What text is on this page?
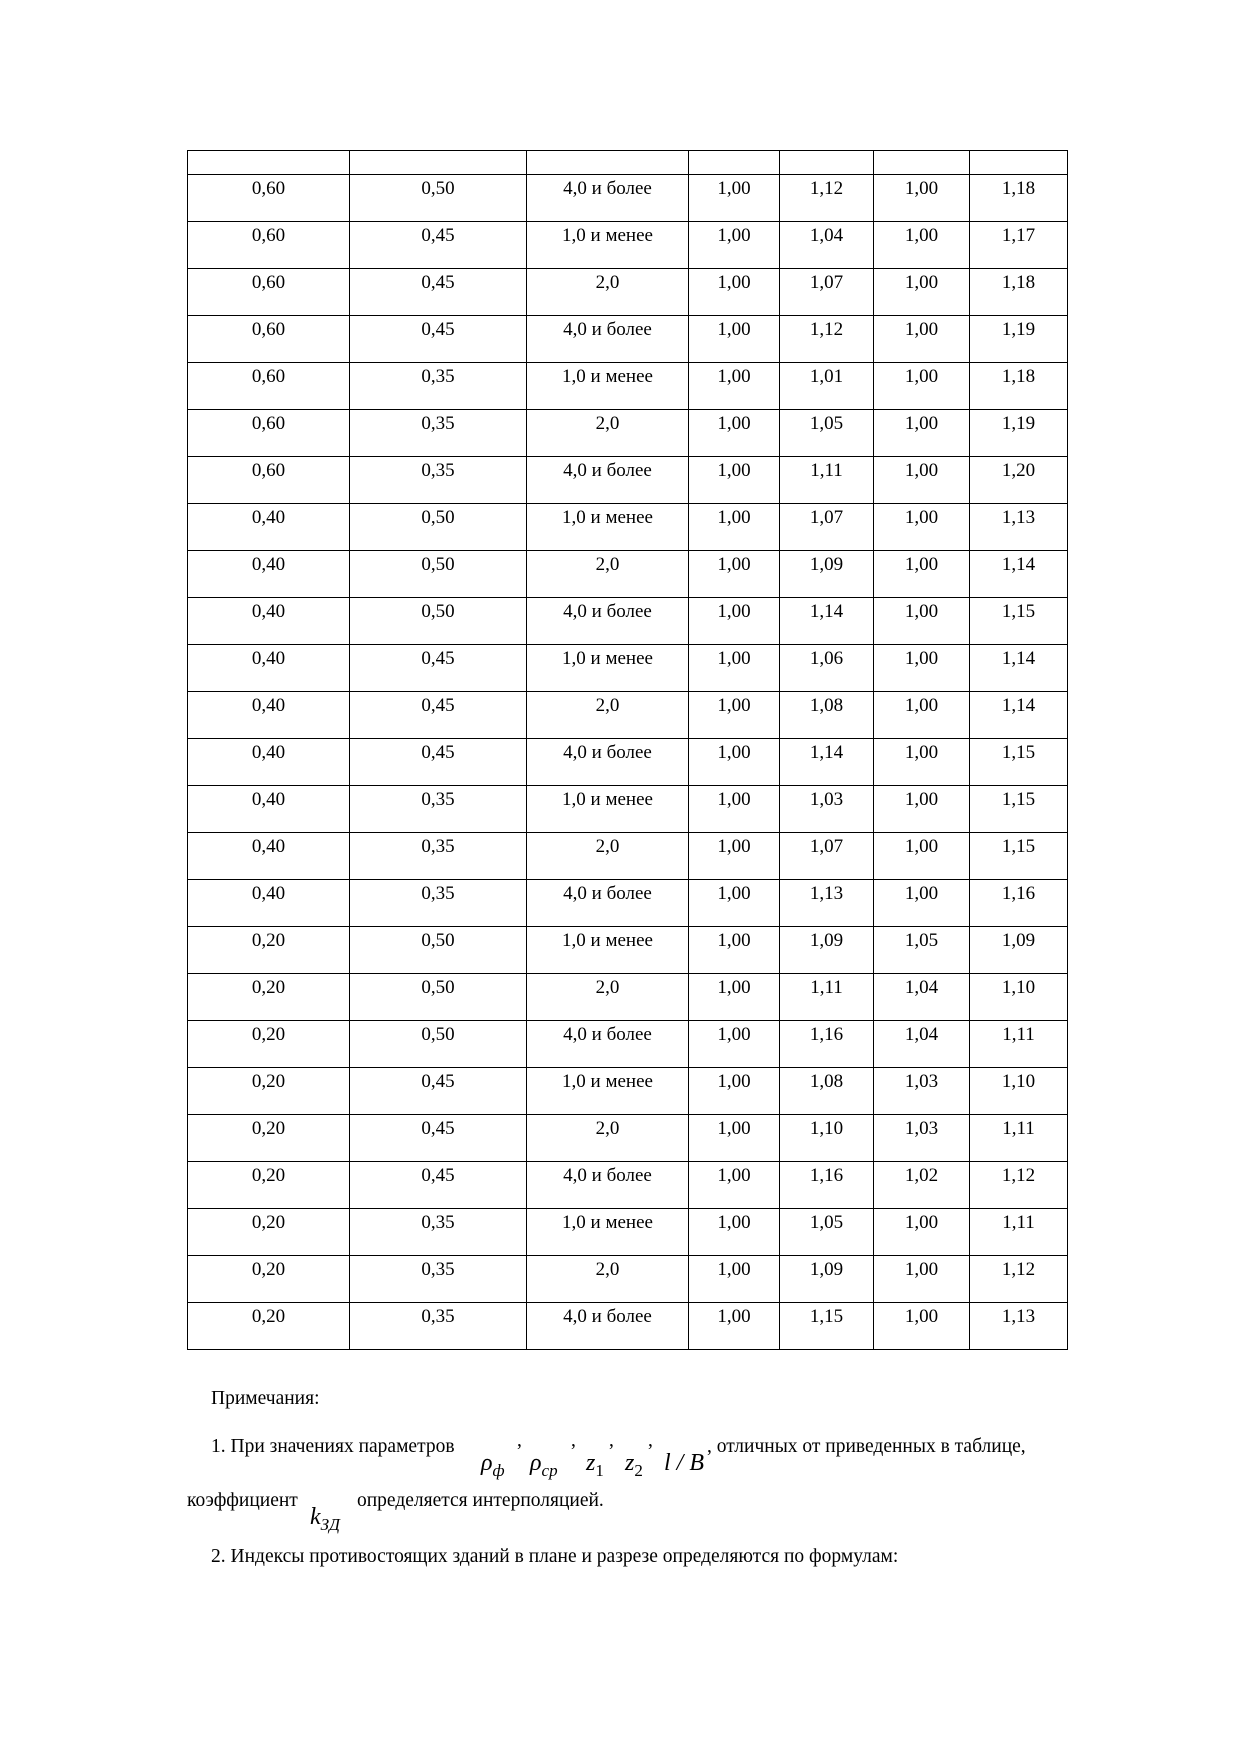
0,60	0,50	4,0 и более	1,00	1,12	1,00	1,18
0,60	0,45	1,0 и менее	1,00	1,04	1,00	1,17
0,60	0,45	2,0	1,00	1,07	1,00	1,18
0,60	0,45	4,0 и более	1,00	1,12	1,00	1,19
0,60	0,35	1,0 и менее	1,00	1,01	1,00	1,18
0,60	0,35	2,0	1,00	1,05	1,00	1,19
0,60	0,35	4,0 и более	1,00	1,11	1,00	1,20
0,40	0,50	1,0 и менее	1,00	1,07	1,00	1,13
0,40	0,50	2,0	1,00	1,09	1,00	1,14
0,40	0,50	4,0 и более	1,00	1,14	1,00	1,15
0,40	0,45	1,0 и менее	1,00	1,06	1,00	1,14
0,40	0,45	2,0	1,00	1,08	1,00	1,14
0,40	0,45	4,0 и более	1,00	1,14	1,00	1,15
0,40	0,35	1,0 и менее	1,00	1,03	1,00	1,15
0,40	0,35	2,0	1,00	1,07	1,00	1,15
0,40	0,35	4,0 и более	1,00	1,13	1,00	1,16
0,20	0,50	1,0 и менее	1,00	1,09	1,05	1,09
0,20	0,50	2,0	1,00	1,11	1,04	1,10
0,20	0,50	4,0 и более	1,00	1,16	1,04	1,11
0,20	0,45	1,0 и менее	1,00	1,08	1,03	1,10
0,20	0,45	2,0	1,00	1,10	1,03	1,11
0,20	0,45	4,0 и более	1,00	1,16	1,02	1,12
0,20	0,35	1,0 и менее	1,00	1,05	1,00	1,11
0,20	0,35	2,0	1,00	1,09	1,00	1,12
0,20	0,35	4,0 и более	1,00	1,15	1,00	1,13
Примечания:
1. При значениях параметров	,	, , ,	, отличных от приведенных в таблице,
$\rho_ф$ $\rho_{ср}$ $z_1$ $z_2$ l / B
коэффициент	определяется интерполяцией.
$k_{ЗД}$
2. Индексы противостоящих зданий в плане и разрезе определяются по формулам:
